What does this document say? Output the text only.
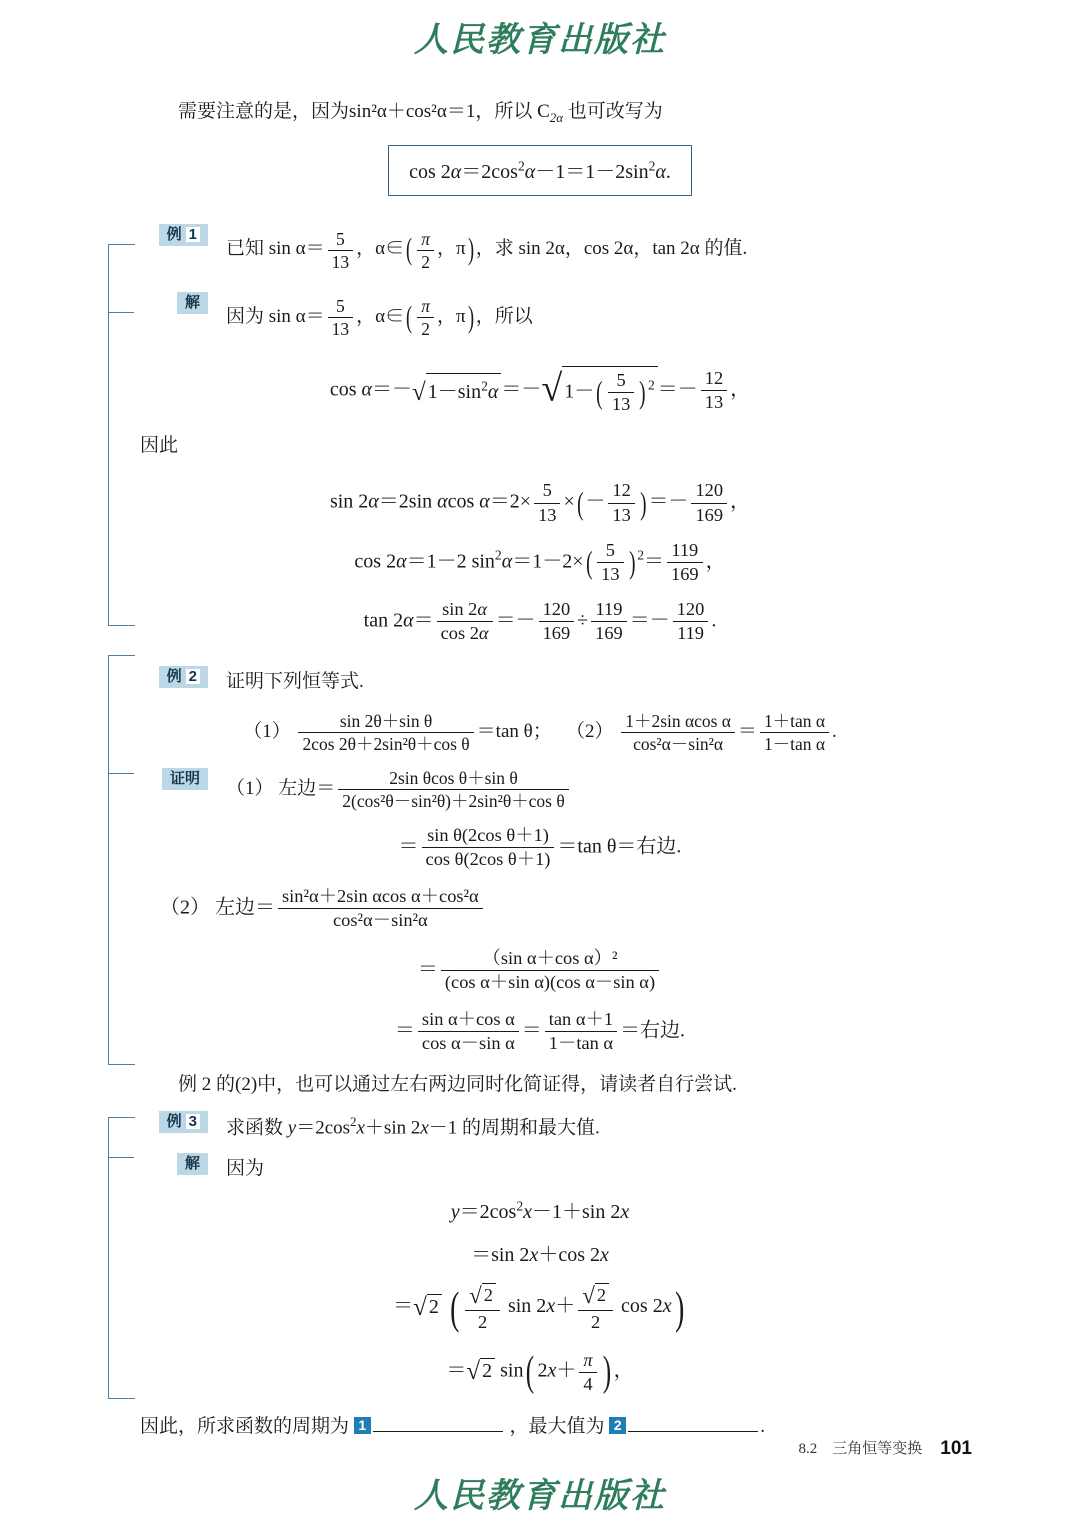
人民教育出版社

需要注意的是，因为sin²α＋cos²α＝1，所以 $C_{2\alpha}$ 也可改写为

$\cos 2\alpha=2\cos^2\alpha-1=1-2\sin^2\alpha$.
例 1
已知 $\sin \alpha= \frac{5}{13}$ ，α∈( $\frac{\pi}{2}$ ，π) ，求 sin 2α，cos 2α，tan 2α 的值.
解
因为 $\sin \alpha= \frac{5}{13}$ ，α∈( $\frac{\pi}{2}$ ，π) ，所以
cos α＝－√ $1-\sin^2\alpha$ ＝－√ $1-( \frac{5}{13}$ ) $^2 =- \frac{12}{13}$ ，

因此

sin 2α＝2sin αcos $\alpha=2\times \frac{5}{13}$ ×( － $\frac{12}{13}$ ) ＝－ $\frac{120}{169}$ ，
cos 2α＝1－2 $\sin^2\alpha=1-2\times( \frac{5}{13}$ ) $^2= \frac{119}{169}$ ，
$\tan 2\alpha= \frac{\sin 2\alpha}{\cos 2\alpha} =- \frac{120}{169} \div \frac{119}{169} =- \frac{120}{119}$ .
例 2	证明下列恒等式.
$(1) \frac{\text{sin 2θ＋sin θ}}{\text{2cos 2θ＋2sin²θ＋cos θ}} =\tan$ θ； $(2) \frac{\text{1＋2sin αcos α}}{\text{cos²α－sin²α}} = \frac{\text{1＋tan α}}{\text{1－tan α}}$ .
证明	（1） 左边＝ $\frac{\text{2sin θcos θ＋sin θ}}{\text{2(cos²θ－sin²θ)＋2sin²θ＋cos θ}}$
＝ $\frac{\text{sin θ(2cos θ＋1)}}{\text{cos θ(2cos θ＋1)}} =\tan$ θ＝右边.
（2） 左边＝ $\frac{\text{sin²α＋2sin αcos α＋cos²α}}{\text{cos²α－sin²α}}$
＝ $\frac{\text{（sin α＋cos α）²}}{\text{(cos α＋sin α)(cos α－sin α)}}$
＝ $\frac{\text{sin α＋cos α}}{\text{cos α－sin α}} = \frac{\text{tan α＋1}}{\text{1－tan α}}$ ＝右边.

例 2 的(2)中，也可以通过左右两边同时化简证得，请读者自行尝试.

例 3	求函数 $y=2\cos^2x+\sin$ 2x－1 的周期和最大值.
解	因为
$y=2\cos^2x-1+\sin$ 2x
＝sin 2x＋cos 2x
＝√ 2 ( $\frac{√ 2}{2}$ $\sin 2x+ \frac{√ 2}{2}$ cos 2x)
＝√ 2 sin( $2x+ \frac{\pi}{4}$ ) ，

因此，所求函数的周期为 1	，最大值为 2	.

8.2　三角恒等变换 101
人民教育出版社
